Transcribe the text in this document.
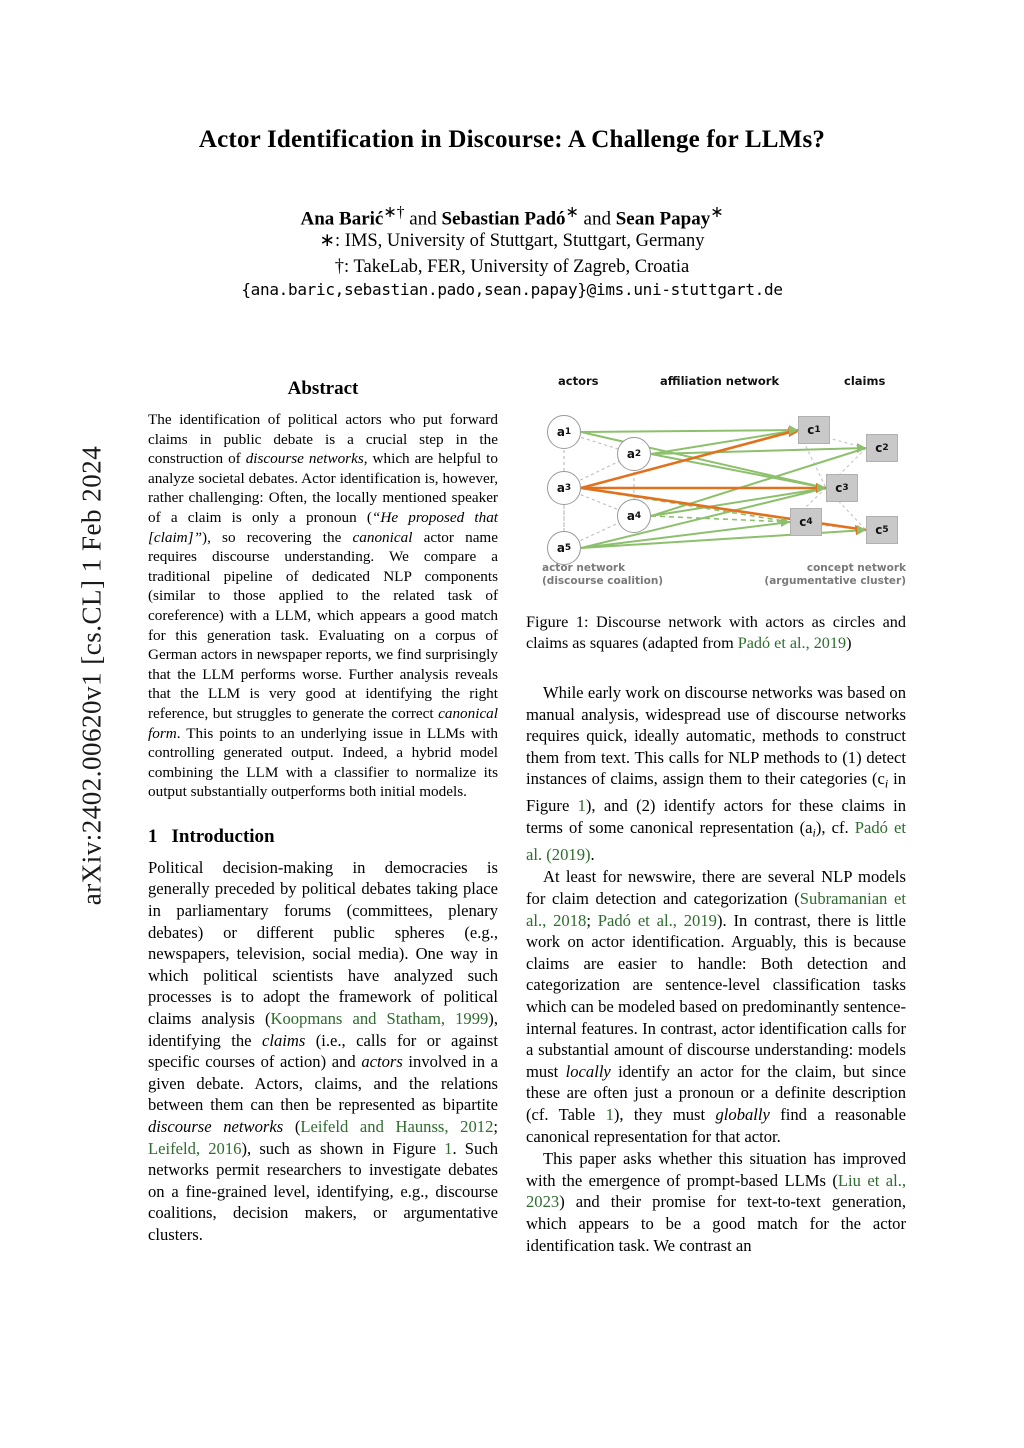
arXiv:2402.00620v1 [cs.CL] 1 Feb 2024
Actor Identification in Discourse: A Challenge for LLMs?
Ana Barić∗† and Sebastian Padó∗ and Sean Papay∗
∗: IMS, University of Stuttgart, Stuttgart, Germany
†: TakeLab, FER, University of Zagreb, Croatia
{ana.baric,sebastian.pado,sean.papay}@ims.uni-stuttgart.de
Abstract

The identification of political actors who put forward claims in public debate is a crucial step in the construction of discourse networks, which are helpful to analyze societal debates. Actor identification is, however, rather challenging: Often, the locally mentioned speaker of a claim is only a pronoun (“He proposed that [claim]”), so recovering the canonical actor name requires discourse understanding. We compare a traditional pipeline of dedicated NLP components (similar to those applied to the related task of coreference) with a LLM, which appears a good match for this generation task. Evaluating on a corpus of German actors in newspaper reports, we find surprisingly that the LLM performs worse. Further analysis reveals that the LLM is very good at identifying the right reference, but struggles to generate the correct canonical form. This points to an underlying issue in LLMs with controlling generated output. Indeed, a hybrid model combining the LLM with a classifier to normalize its output substantially outperforms both initial models.

1 Introduction

Political decision-making in democracies is generally preceded by political debates taking place in parliamentary forums (committees, plenary debates) or different public spheres (e.g., newspapers, television, social media). One way in which political scientists have analyzed such processes is to adopt the framework of political claims analysis (Koopmans and Statham, 1999), identifying the claims (i.e., calls for or against specific courses of action) and actors involved in a given debate. Actors, claims, and the relations between them can then be represented as bipartite discourse networks (Leifeld and Haunss, 2012; Leifeld, 2016), such as shown in Figure 1. Such networks permit researchers to investigate debates on a fine-grained level, identifying, e.g., discourse coalitions, decision makers, or argumentative clusters.

actors	affiliation network	claims
a 1
a 2
a 3
a 4
a 5
c 1
c 2
c 3
c 4
c 5
actor network
(discourse coalition)
concept network
(argumentative cluster)
Figure 1: Discourse network with actors as circles and claims as squares (adapted from Padó et al., 2019)

While early work on discourse networks was based on manual analysis, widespread use of discourse networks requires quick, ideally automatic, methods to construct them from text. This calls for NLP methods to (1) detect instances of claims, assign them to their categories ($c_i$ in Figure 1), and (2) identify actors for these claims in terms of some canonical representation $(a_i)$, cf. Padó et al. (2019).

At least for newswire, there are several NLP models for claim detection and categorization (Subramanian et al., 2018; Padó et al., 2019). In contrast, there is little work on actor identification. Arguably, this is because claims are easier to handle: Both detection and categorization are sentence-level classification tasks which can be modeled based on predominantly sentence-internal features. In contrast, actor identification calls for a substantial amount of discourse understanding: models must locally identify an actor for the claim, but since these are often just a pronoun or a definite description (cf. Table 1), they must globally find a reasonable canonical representation for that actor.

This paper asks whether this situation has improved with the emergence of prompt-based LLMs (Liu et al., 2023) and their promise for text-to-text generation, which appears to be a good match for the actor identification task. We contrast an
